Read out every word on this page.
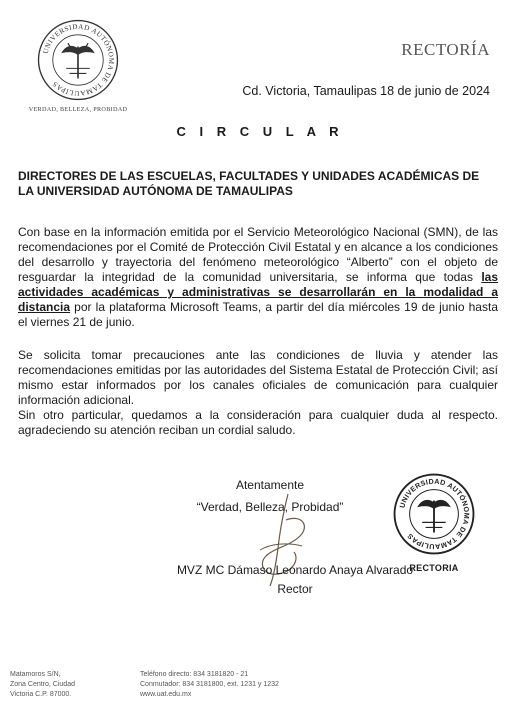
UNIVERSIDAD AUTÓNOMA DE TAMAULIPAS
VERDAD, BELLEZA, PROBIDAD
RECTORÍA
Cd. Victoria, Tamaulipas 18 de junio de 2024
C I R C U L A R
DIRECTORES DE LAS ESCUELAS, FACULTADES Y UNIDADES ACADÉMICAS DE LA UNIVERSIDAD AUTÓNOMA DE TAMAULIPAS
Con base en la información emitida por el Servicio Meteorológico Nacional (SMN), de las recomendaciones por el Comité de Protección Civil Estatal y en alcance a los condiciones del desarrollo y trayectoria del fenómeno meteorológico “Alberto” con el objeto de resguardar la integridad de la comunidad universitaria, se informa que todas las actividades académicas y administrativas se desarrollarán en la modalidad a distancia por la plataforma Microsoft Teams, a partir del día miércoles 19 de junio hasta el viernes 21 de junio.
Se solicita tomar precauciones ante las condiciones de lluvia y atender las recomendaciones emitidas por las autoridades del Sistema Estatal de Protección Civil; así mismo estar informados por los canales oficiales de comunicación para cualquier información adicional.
Sin otro particular, quedamos a la consideración para cualquier duda al respecto. agradeciendo su atención reciban un cordial saludo.
Atentamente
“Verdad, Belleza, Probidad”
MVZ MC Dámaso Leonardo Anaya Alvarado
Rector
UNIVERSIDAD AUTÓNOMA DE TAMAULIPAS
RECTORIA
Matamoros S/N,
Zona Centro, Ciudad
Victoria C.P. 87000.
Teléfono directo: 834 3181820 - 21
Conmutador: 834 3181800, ext. 1231 y 1232
www.uat.edu.mx
